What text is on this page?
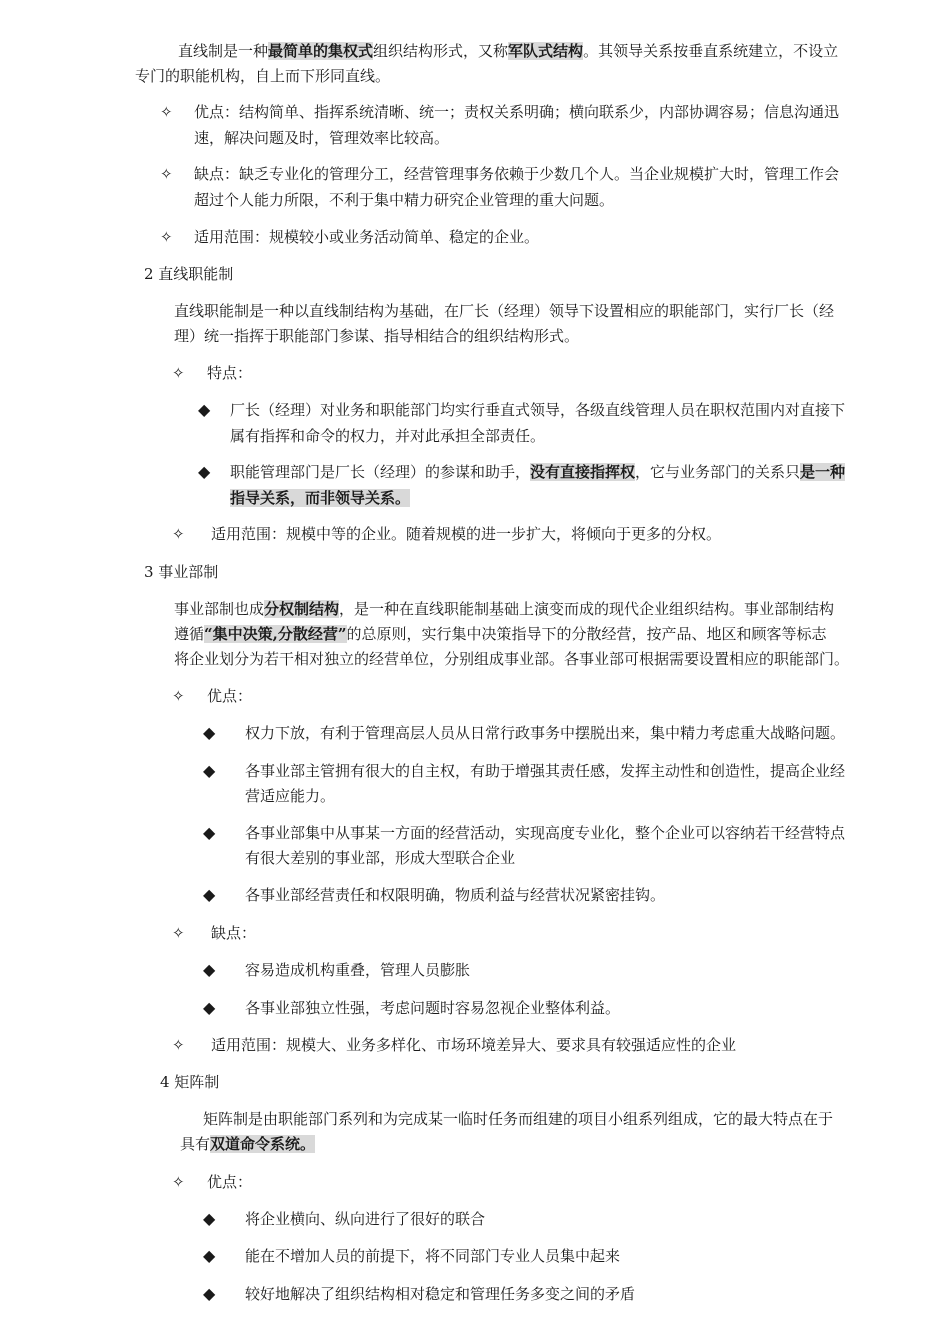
直线制是一种最简单的集权式组织结构形式，又称军队式结构。其领导关系按垂直系统建立，不设立
专门的职能机构，自上而下形同直线。
✧ 优点：结构简单、指挥系统清晰、统一；责权关系明确；横向联系少，内部协调容易；信息沟通迅
速，解决问题及时，管理效率比较高。
✧ 缺点：缺乏专业化的管理分工，经营管理事务依赖于少数几个人。当企业规模扩大时，管理工作会
超过个人能力所限，不利于集中精力研究企业管理的重大问题。
✧ 适用范围：规模较小或业务活动简单、稳定的企业。
2 直线职能制
直线职能制是一种以直线制结构为基础，在厂长（经理）领导下设置相应的职能部门，实行厂长（经
理）统一指挥于职能部门参谋、指导相结合的组织结构形式。
✧ 特点：
◆ 厂长（经理）对业务和职能部门均实行垂直式领导，各级直线管理人员在职权范围内对直接下
属有指挥和命令的权力，并对此承担全部责任。
◆ 职能管理部门是厂长（经理）的参谋和助手，没有直接指挥权，它与业务部门的关系只是一种
指导关系，而非领导关系。
✧ 适用范围：规模中等的企业。随着规模的进一步扩大，将倾向于更多的分权。
3 事业部制
事业部制也成分权制结构，是一种在直线职能制基础上演变而成的现代企业组织结构。事业部制结构
遵循“集中决策,分散经营”的总原则，实行集中决策指导下的分散经营，按产品、地区和顾客等标志
将企业划分为若干相对独立的经营单位，分别组成事业部。各事业部可根据需要设置相应的职能部门。
✧ 优点：
◆ 权力下放，有利于管理高层人员从日常行政事务中摆脱出来，集中精力考虑重大战略问题。
◆ 各事业部主管拥有很大的自主权，有助于增强其责任感，发挥主动性和创造性，提高企业经
营适应能力。
◆ 各事业部集中从事某一方面的经营活动，实现高度专业化，整个企业可以容纳若干经营特点
有很大差别的事业部，形成大型联合企业
◆ 各事业部经营责任和权限明确，物质利益与经营状况紧密挂钩。
✧ 缺点：
◆ 容易造成机构重叠，管理人员膨胀
◆ 各事业部独立性强，考虑问题时容易忽视企业整体利益。
✧ 适用范围：规模大、业务多样化、市场环境差异大、要求具有较强适应性的企业
4 矩阵制
矩阵制是由职能部门系列和为完成某一临时任务而组建的项目小组系列组成，它的最大特点在于
具有双道命令系统。
✧ 优点：
◆ 将企业横向、纵向进行了很好的联合
◆ 能在不增加人员的前提下，将不同部门专业人员集中起来
◆ 较好地解决了组织结构相对稳定和管理任务多变之间的矛盾
